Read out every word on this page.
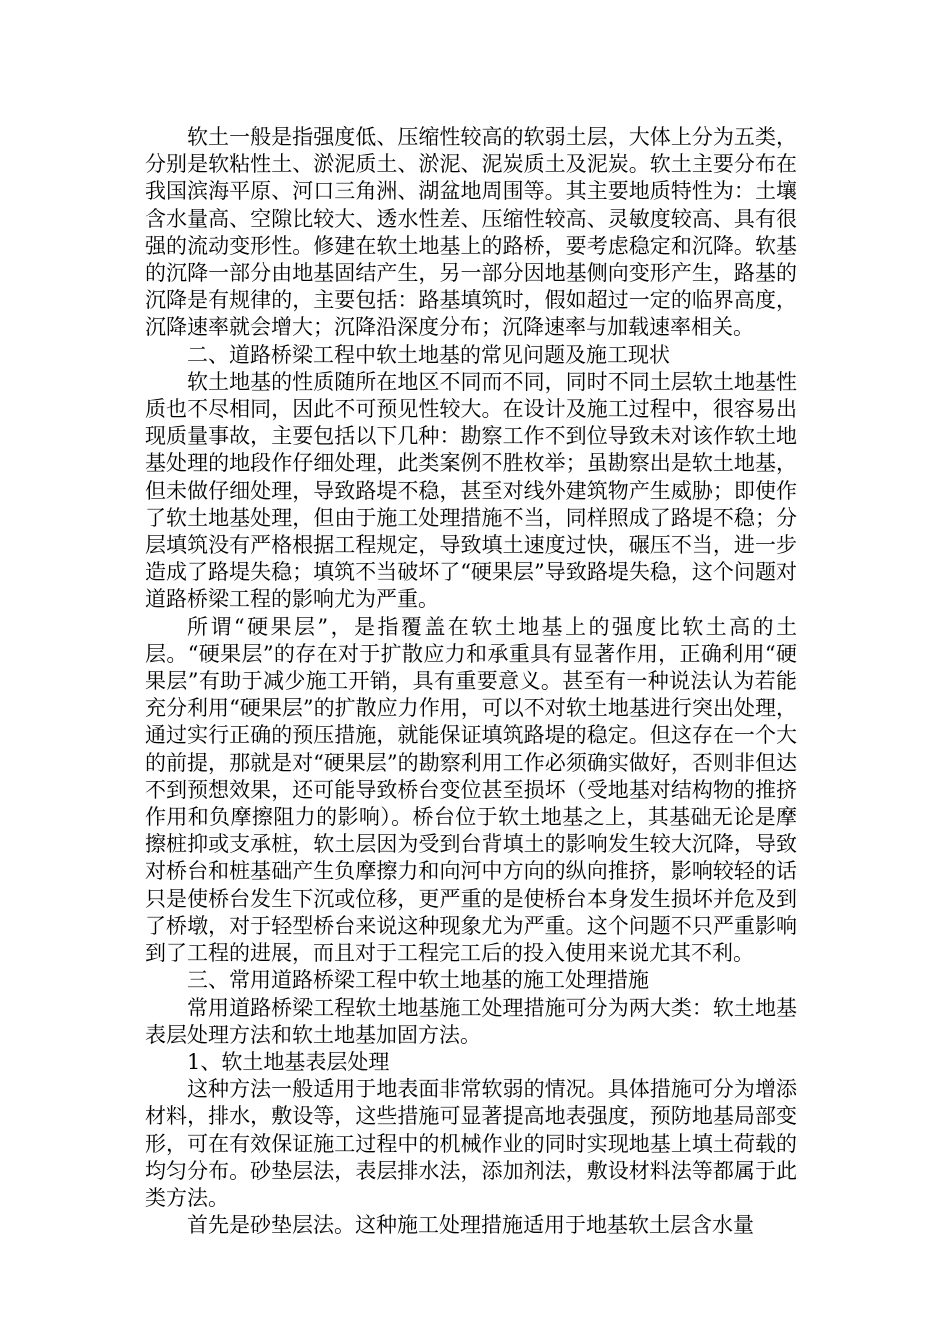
软土一般是指强度低、压缩性较高的软弱土层，大体上分为五类，分别是软粘性土、淤泥质土、淤泥、泥炭质土及泥炭。软土主要分布在我国滨海平原、河口三角洲、湖盆地周围等。其主要地质特性为：土壤含水量高、空隙比较大、透水性差、压缩性较高、灵敏度较高、具有很强的流动变形性。修建在软土地基上的路桥，要考虑稳定和沉降。软基的沉降一部分由地基固结产生，另一部分因地基侧向变形产生，路基的沉降是有规律的，主要包括：路基填筑时，假如超过一定的临界高度，沉降速率就会增大；沉降沿深度分布；沉降速率与加载速率相关。

二、道路桥梁工程中软土地基的常见问题及施工现状

软土地基的性质随所在地区不同而不同，同时不同土层软土地基性质也不尽相同，因此不可预见性较大。在设计及施工过程中，很容易出现质量事故，主要包括以下几种：勘察工作不到位导致未对该作软土地基处理的地段作仔细处理，此类案例不胜枚举；虽勘察出是软土地基，但未做仔细处理，导致路堤不稳，甚至对线外建筑物产生威胁；即使作了软土地基处理，但由于施工处理措施不当，同样照成了路堤不稳；分层填筑没有严格根据工程规定，导致填土速度过快，碾压不当，进一步造成了路堤失稳；填筑不当破坏了“硬果层”导致路堤失稳，这个问题对道路桥梁工程的影响尤为严重。

所谓“硬果层”，是指覆盖在软土地基上的强度比软土高的土层。“硬果层”的存在对于扩散应力和承重具有显著作用，正确利用“硬果层”有助于减少施工开销，具有重要意义。甚至有一种说法认为若能充分利用“硬果层”的扩散应力作用，可以不对软土地基进行突出处理，通过实行正确的预压措施，就能保证填筑路堤的稳定。但这存在一个大的前提，那就是对“硬果层”的勘察利用工作必须确实做好，否则非但达不到预想效果，还可能导致桥台变位甚至损坏（受地基对结构物的推挤作用和负摩擦阻力的影响）。桥台位于软土地基之上，其基础无论是摩擦桩抑或支承桩，软土层因为受到台背填土的影响发生较大沉降，导致对桥台和桩基础产生负摩擦力和向河中方向的纵向推挤，影响较轻的话只是使桥台发生下沉或位移，更严重的是使桥台本身发生损坏并危及到了桥墩，对于轻型桥台来说这种现象尤为严重。这个问题不只严重影响到了工程的进展，而且对于工程完工后的投入使用来说尤其不利。

三、常用道路桥梁工程中软土地基的施工处理措施

常用道路桥梁工程软土地基施工处理措施可分为两大类：软土地基表层处理方法和软土地基加固方法。

1、软土地基表层处理

这种方法一般适用于地表面非常软弱的情况。具体措施可分为增添材料，排水，敷设等，这些措施可显著提高地表强度，预防地基局部变形，可在有效保证施工过程中的机械作业的同时实现地基上填土荷载的均匀分布。砂垫层法，表层排水法，添加剂法，敷设材料法等都属于此类方法。

首先是砂垫层法。这种施工处理措施适用于地基软土层含水量
